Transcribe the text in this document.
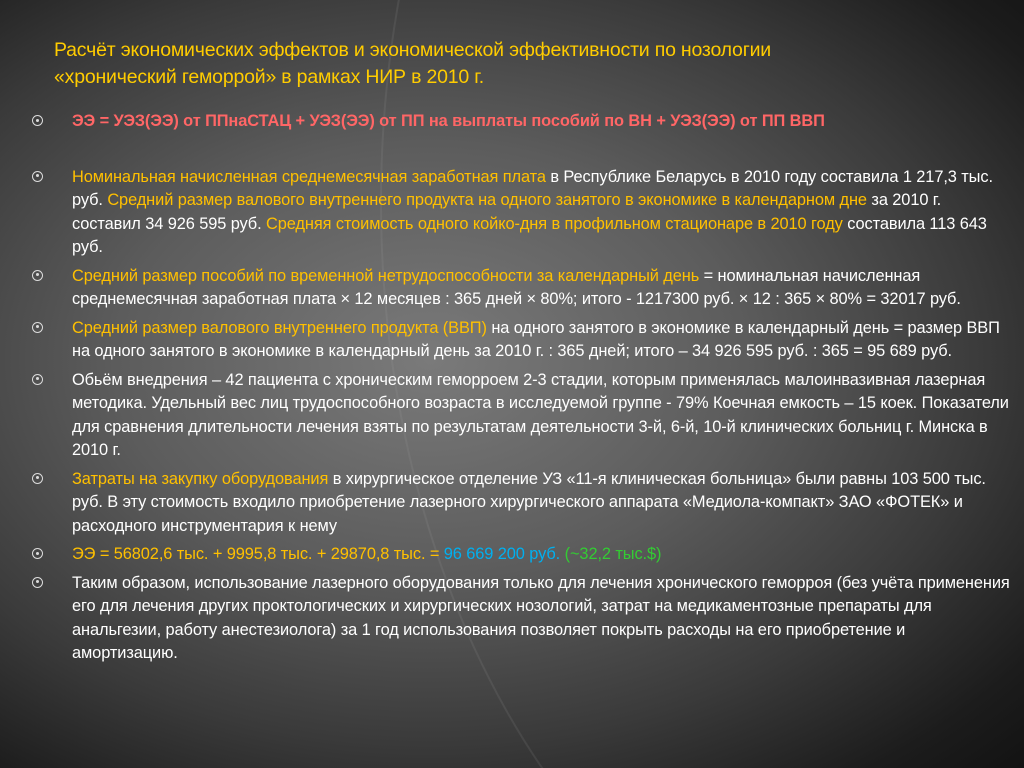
Расчёт экономических эффектов и экономической эффективности по нозологии
«хронический геморрой» в рамках НИР в 2010 г.
ЭЭ = УЭЗ(ЭЭ) от ППнаСТАЦ + УЭЗ(ЭЭ) от ПП на выплаты пособий по ВН + УЭЗ(ЭЭ) от ПП ВВП
Номинальная начисленная среднемесячная заработная плата в Республике Беларусь в 2010 году составила 1 217,3 тыс. руб. Средний размер валового внутреннего продукта на одного занятого в экономике в календарном дне за 2010 г. составил 34 926 595 руб. Средняя стоимость одного койко-дня в профильном стационаре в 2010 году составила 113 643 руб.
Средний размер пособий по временной нетрудоспособности за календарный день = номинальная начисленная среднемесячная заработная плата × 12 месяцев : 365 дней × 80%; итого - 1217300 руб. × 12 : 365 × 80% = 32017 руб.
Средний размер валового внутреннего продукта (ВВП) на одного занятого в экономике в календарный день = размер ВВП на одного занятого в экономике в календарный день за 2010 г. : 365 дней; итого – 34 926 595 руб. : 365 = 95 689 руб.
Обьём внедрения – 42 пациента с хроническим геморроем 2-3 стадии, которым применялась малоинвазивная лазерная методика. Удельный вес лиц трудоспособного возраста в исследуемой группе - 79% Коечная емкость – 15 коек. Показатели для сравнения длительности лечения взяты по результатам деятельности 3-й, 6-й, 10-й клинических больниц г. Минска в 2010 г.
Затраты на закупку оборудования в хирургическое отделение УЗ «11-я клиническая больница» были равны 103 500 тыс. руб. В эту стоимость входило приобретение лазерного хирургического аппарата «Медиола-компакт» ЗАО «ФОТЕК» и расходного инструментария к нему
ЭЭ = 56802,6 тыс. + 9995,8 тыс. + 29870,8 тыс. = 96 669 200 руб. (~32,2 тыс.$)
Таким образом, использование лазерного оборудования только для лечения хронического геморроя (без учёта применения его для лечения других проктологических и хирургических нозологий, затрат на медикаментозные препараты для анальгезии, работу анестезиолога) за 1 год использования позволяет покрыть расходы на его приобретение и амортизацию.
